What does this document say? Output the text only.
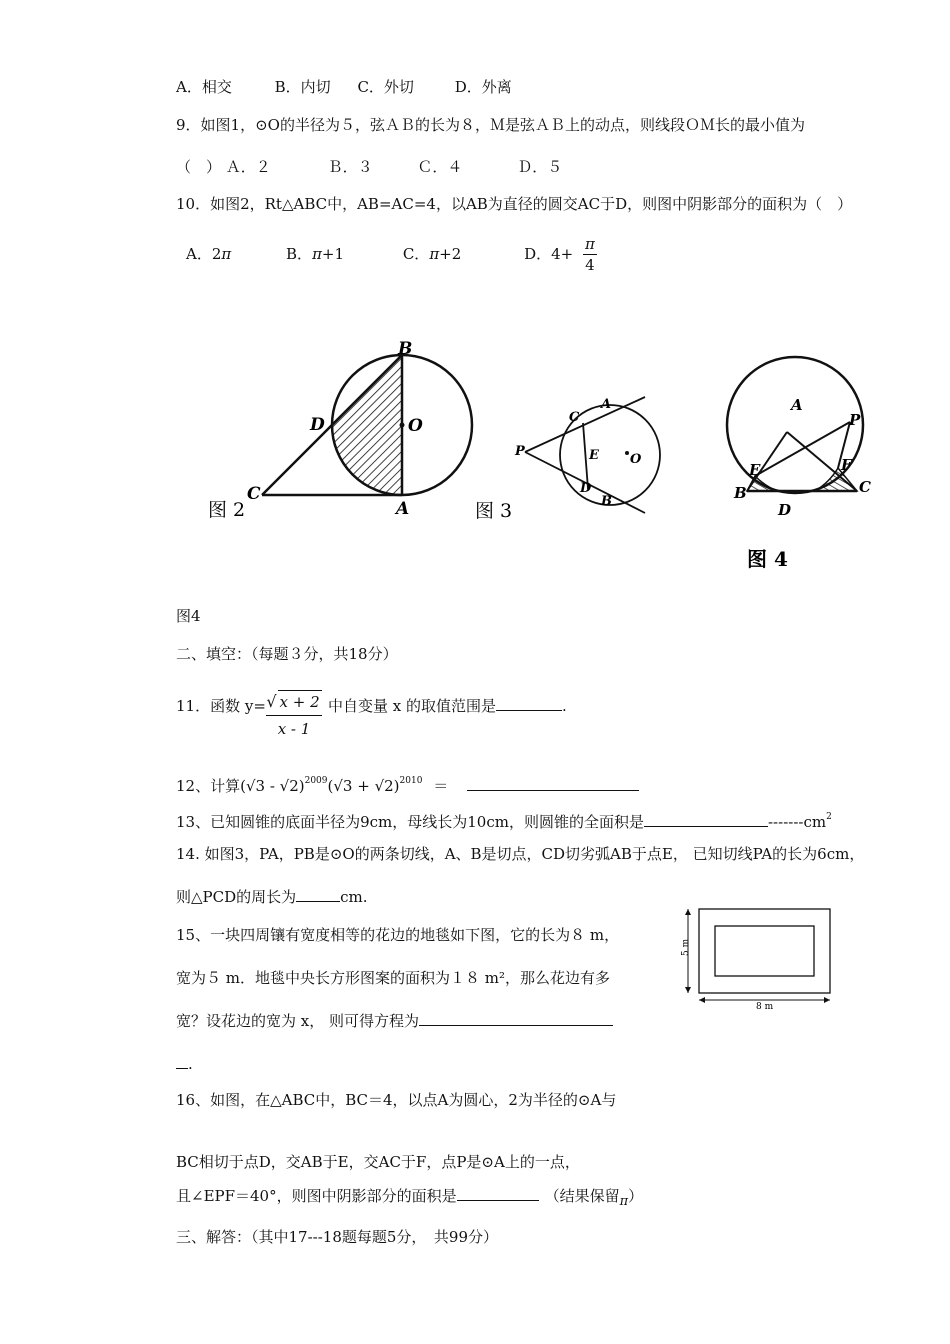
A．相交	B．内切 C．外切	D．外离
9．如图1，⊙O的半径为５，弦ＡＢ的长为８，Ｍ是弦ＡＢ上的动点，则线段ＯＭ长的最小值为
（　） Ａ．２	Ｂ．３	Ｃ．４	Ｄ．５
10．如图2，Rt△ABC中，AB=AC=4，以AB为直径的圆交AC于D，则图中阴影部分的面积为（　）
A．2π	B．π+1	C．π+2	D．4+
π
4
B
D	O
C
A
图 2
C
A
P	E O
D
B
图 3
A
P
E	F
B	C
D
图 4
图4
二、填空：（每题３分，共18分）
11．函数 y= √ x + 2
x - 1
中自变量 x 的取值范围是	.
12、计算$(√3 - √2)^{2009}(√3 + √2)^{2010}$ ＝
13、已知圆锥的底面半径为9cm，母线长为10cm，则圆锥的全面积是	$-------cm^2$
14. 如图3，PA，PB是⊙O的两条切线，A、B是切点，CD切劣弧AB于点E， 已知切线PA的长为6cm，
则△PCD的周长为	cm.
15、一块四周镶有宽度相等的花边的地毯如下图，它的长为８ m，
宽为５ m．地毯中央长方形图案的面积为１８ m²，那么花边有多
宽？设花边的宽为 x， 则可得方程为
.
5 m
8 m
16、如图，在△ABC中，BC＝4，以点A为圆心，2为半径的⊙A与
BC相切于点D，交AB于E，交AC于F，点P是⊙A上的一点，
且∠EPF＝40°，则图中阴影部分的面积是	（结果保留π）
三、解答：（其中17---18题每题5分，　共99分）
